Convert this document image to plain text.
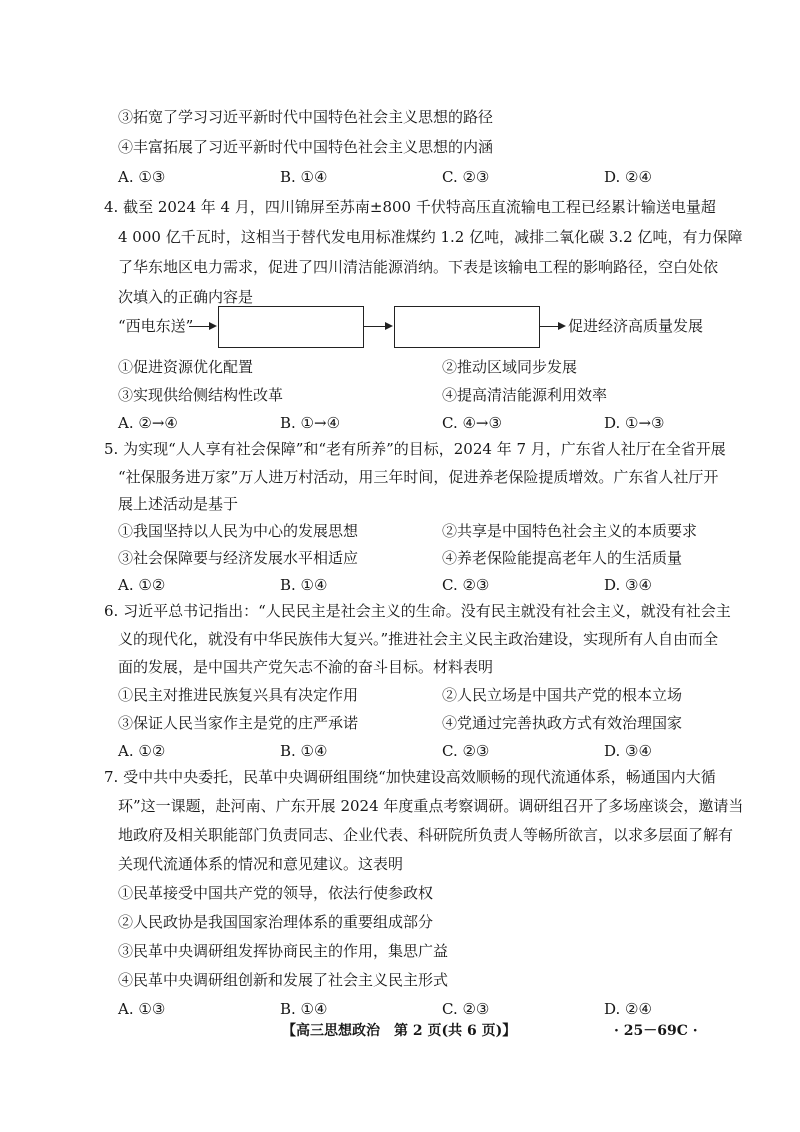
③拓宽了学习习近平新时代中国特色社会主义思想的路径
④丰富拓展了习近平新时代中国特色社会主义思想的内涵
A. ①③	B. ①④	C. ②③	D. ②④
4. 截至 2024 年 4 月，四川锦屏至苏南±800 千伏特高压直流输电工程已经累计输送电量超
4 000 亿千瓦时，这相当于替代发电用标准煤约 1.2 亿吨，减排二氧化碳 3.2 亿吨，有力保障
了华东地区电力需求，促进了四川清洁能源消纳。下表是该输电工程的影响路径，空白处依
次填入的正确内容是
“西电东送”	促进经济高质量发展
①促进资源优化配置	②推动区域同步发展
③实现供给侧结构性改革	④提高清洁能源利用效率
A. ②→④	B. ①→④	C. ④→③	D. ①→③
5. 为实现“人人享有社会保障”和“老有所养”的目标，2024 年 7 月，广东省人社厅在全省开展
“社保服务进万家”万人进万村活动，用三年时间，促进养老保险提质增效。广东省人社厅开
展上述活动是基于
①我国坚持以人民为中心的发展思想	②共享是中国特色社会主义的本质要求
③社会保障要与经济发展水平相适应	④养老保险能提高老年人的生活质量
A. ①②	B. ①④	C. ②③	D. ③④
6. 习近平总书记指出：“人民民主是社会主义的生命。没有民主就没有社会主义，就没有社会主
义的现代化，就没有中华民族伟大复兴。”推进社会主义民主政治建设，实现所有人自由而全
面的发展，是中国共产党矢志不渝的奋斗目标。材料表明
①民主对推进民族复兴具有决定作用	②人民立场是中国共产党的根本立场
③保证人民当家作主是党的庄严承诺	④党通过完善执政方式有效治理国家
A. ①②	B. ①④	C. ②③	D. ③④
7. 受中共中央委托，民革中央调研组围绕“加快建设高效顺畅的现代流通体系，畅通国内大循
环”这一课题，赴河南、广东开展 2024 年度重点考察调研。调研组召开了多场座谈会，邀请当
地政府及相关职能部门负责同志、企业代表、科研院所负责人等畅所欲言，以求多层面了解有
关现代流通体系的情况和意见建议。这表明
①民革接受中国共产党的领导，依法行使参政权
②人民政协是我国国家治理体系的重要组成部分
③民革中央调研组发挥协商民主的作用，集思广益
④民革中央调研组创新和发展了社会主义民主形式
A. ①③	B. ①④	C. ②③	D. ②④
【高三思想政治　第 2 页(共 6 页)】	· 25－69C ·
